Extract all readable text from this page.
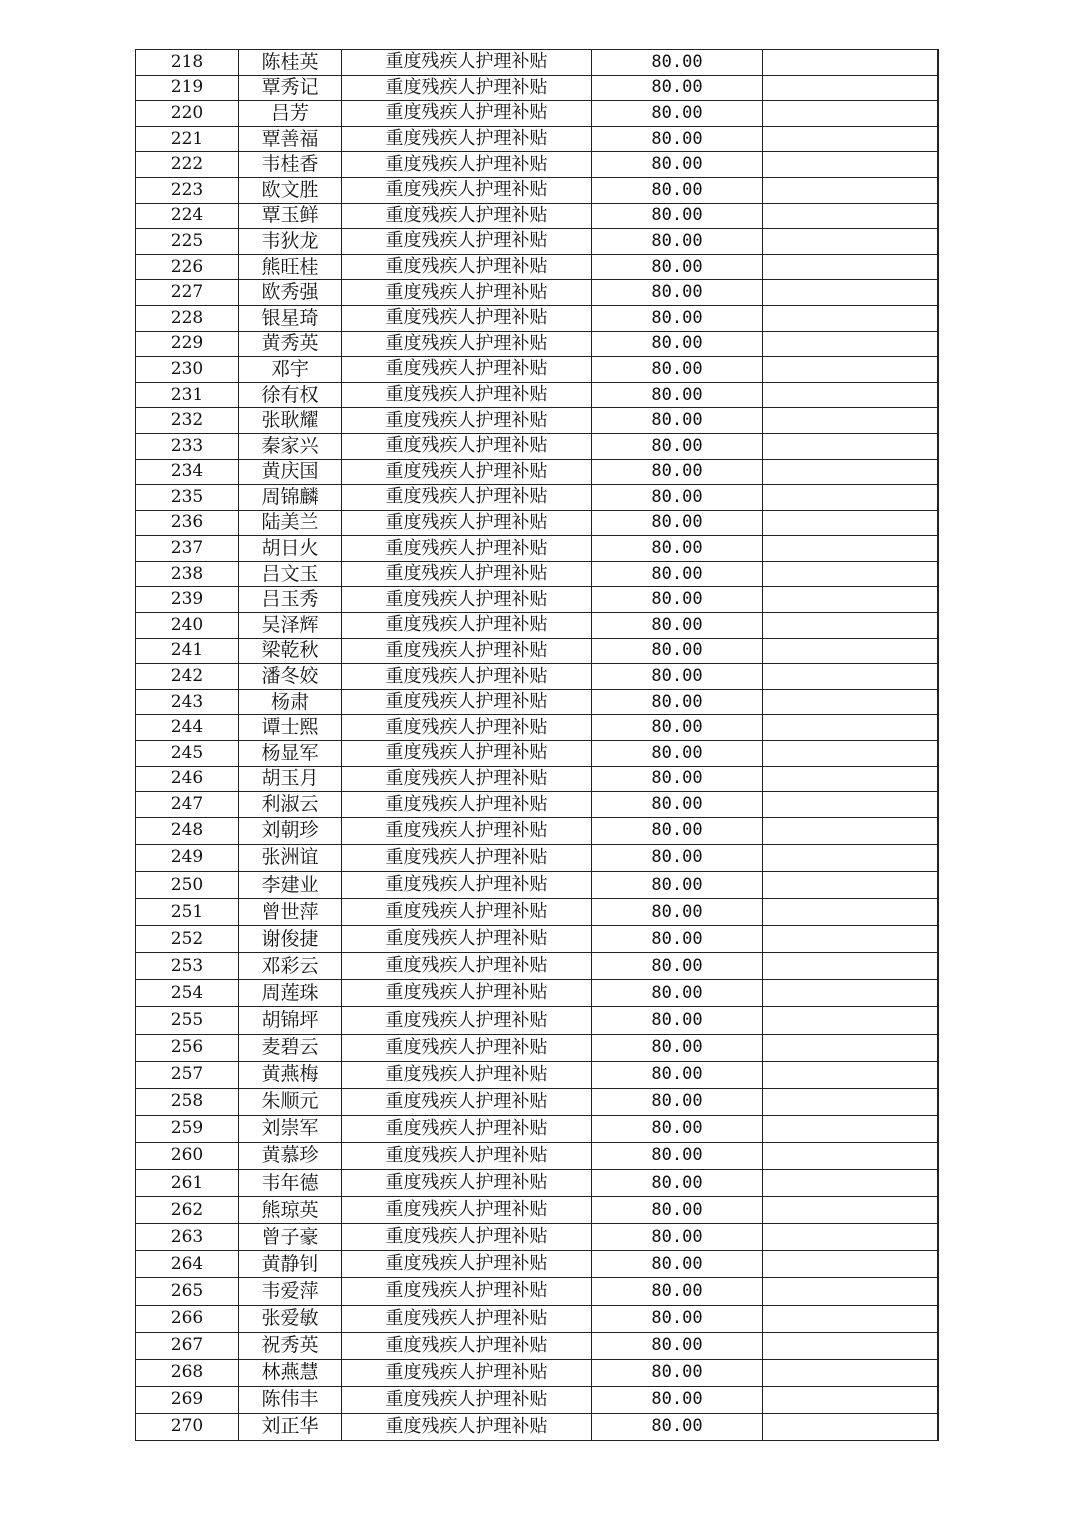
218	陈桂英	重度残疾人护理补贴	80.00	
219	覃秀记	重度残疾人护理补贴	80.00	
220	吕芳	重度残疾人护理补贴	80.00	
221	覃善福	重度残疾人护理补贴	80.00	
222	韦桂香	重度残疾人护理补贴	80.00	
223	欧文胜	重度残疾人护理补贴	80.00	
224	覃玉鲜	重度残疾人护理补贴	80.00	
225	韦狄龙	重度残疾人护理补贴	80.00	
226	熊旺桂	重度残疾人护理补贴	80.00	
227	欧秀强	重度残疾人护理补贴	80.00	
228	银星琦	重度残疾人护理补贴	80.00	
229	黄秀英	重度残疾人护理补贴	80.00	
230	邓宇	重度残疾人护理补贴	80.00	
231	徐有权	重度残疾人护理补贴	80.00	
232	张耿耀	重度残疾人护理补贴	80.00	
233	秦家兴	重度残疾人护理补贴	80.00	
234	黄庆国	重度残疾人护理补贴	80.00	
235	周锦麟	重度残疾人护理补贴	80.00	
236	陆美兰	重度残疾人护理补贴	80.00	
237	胡日火	重度残疾人护理补贴	80.00	
238	吕文玉	重度残疾人护理补贴	80.00	
239	吕玉秀	重度残疾人护理补贴	80.00	
240	吴泽辉	重度残疾人护理补贴	80.00	
241	梁乾秋	重度残疾人护理补贴	80.00	
242	潘冬姣	重度残疾人护理补贴	80.00	
243	杨肃	重度残疾人护理补贴	80.00	
244	谭士熙	重度残疾人护理补贴	80.00	
245	杨显军	重度残疾人护理补贴	80.00	
246	胡玉月	重度残疾人护理补贴	80.00	
247	利淑云	重度残疾人护理补贴	80.00	
248	刘朝珍	重度残疾人护理补贴	80.00	
249	张洲谊	重度残疾人护理补贴	80.00	
250	李建业	重度残疾人护理补贴	80.00	
251	曾世萍	重度残疾人护理补贴	80.00	
252	谢俊捷	重度残疾人护理补贴	80.00	
253	邓彩云	重度残疾人护理补贴	80.00	
254	周莲珠	重度残疾人护理补贴	80.00	
255	胡锦坪	重度残疾人护理补贴	80.00	
256	麦碧云	重度残疾人护理补贴	80.00	
257	黄燕梅	重度残疾人护理补贴	80.00	
258	朱顺元	重度残疾人护理补贴	80.00	
259	刘崇军	重度残疾人护理补贴	80.00	
260	黄慕珍	重度残疾人护理补贴	80.00	
261	韦年德	重度残疾人护理补贴	80.00	
262	熊琼英	重度残疾人护理补贴	80.00	
263	曾子豪	重度残疾人护理补贴	80.00	
264	黄静钊	重度残疾人护理补贴	80.00	
265	韦爱萍	重度残疾人护理补贴	80.00	
266	张爱敏	重度残疾人护理补贴	80.00	
267	祝秀英	重度残疾人护理补贴	80.00	
268	林燕慧	重度残疾人护理补贴	80.00	
269	陈伟丰	重度残疾人护理补贴	80.00	
270	刘正华	重度残疾人护理补贴	80.00	
